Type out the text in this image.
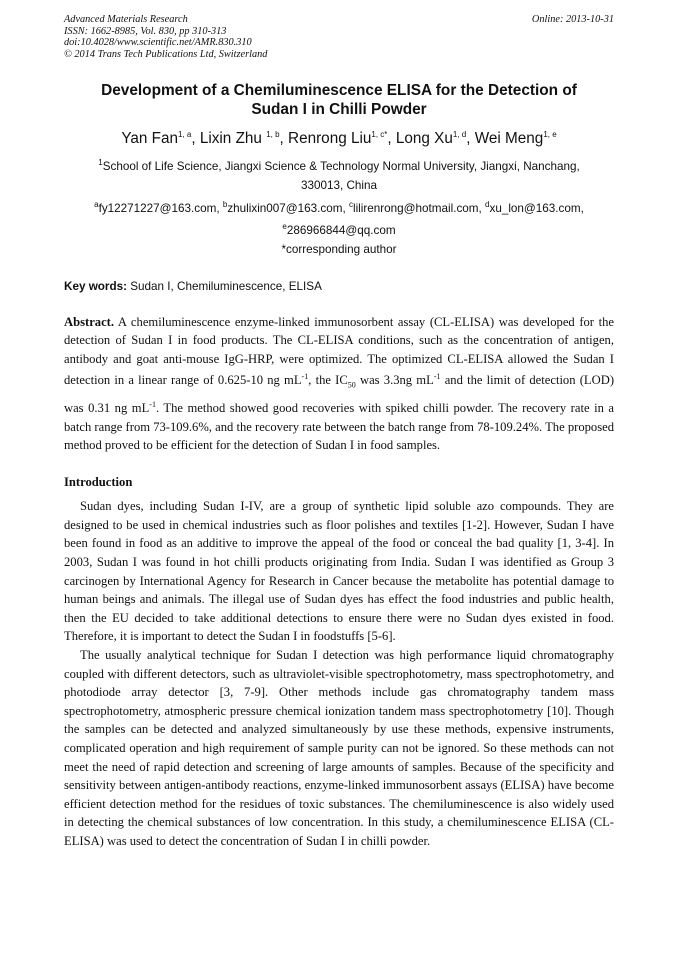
Advanced Materials Research
ISSN: 1662-8985, Vol. 830, pp 310-313
doi:10.4028/www.scientific.net/AMR.830.310
© 2014 Trans Tech Publications Ltd, Switzerland
Online: 2013-10-31
Development of a Chemiluminescence ELISA for the Detection of
Sudan I in Chilli Powder
Yan Fan$^{1, a}$, Lixin Zhu $^{1, b}$, Renrong Liu$^{1, c*}$, Long Xu$^{1, d}$, Wei Meng$^{1, e}$
$^1$School of Life Science, Jiangxi Science & Technology Normal University, Jiangxi, Nanchang,
330013, China
$^a$fy12271227@163.com, $^b$zhulixin007@163.com, $^c$lilirenrong@hotmail.com, $^d$xu_lon@163.com,
$^e$286966844@qq.com
*corresponding author
Key words: Sudan I, Chemiluminescence, ELISA
Abstract. A chemiluminescence enzyme-linked immunosorbent assay (CL-ELISA) was developed for the detection of Sudan I in food products. The CL-ELISA conditions, such as the concentration of antigen, antibody and goat anti-mouse IgG-HRP, were optimized. The optimized CL-ELISA allowed the Sudan I detection in a linear range of 0.625-10 ng $mL^{-1}$, the $IC_{50}$ was 3.3ng $mL^{-1}$ and the limit of detection (LOD) was 0.31 ng $mL^{-1}$. The method showed good recoveries with spiked chilli powder. The recovery rate in a batch range from 73-109.6%, and the recovery rate between the batch range from 78-109.24%. The proposed method proved to be efficient for the detection of Sudan I in food samples.
Introduction
Sudan dyes, including Sudan I-IV, are a group of synthetic lipid soluble azo compounds. They are designed to be used in chemical industries such as floor polishes and textiles [1-2]. However, Sudan I have been found in food as an additive to improve the appeal of the food or conceal the bad quality [1, 3-4]. In 2003, Sudan I was found in hot chilli products originating from India. Sudan I was identified as Group 3 carcinogen by International Agency for Research in Cancer because the metabolite has potential damage to human beings and animals. The illegal use of Sudan dyes has effect the food industries and public health, then the EU decided to take additional detections to ensure there were no Sudan dyes existed in food. Therefore, it is important to detect the Sudan I in foodstuffs [5-6].
The usually analytical technique for Sudan I detection was high performance liquid chromatography coupled with different detectors, such as ultraviolet-visible spectrophotometry, mass spectrophotometry, and photodiode array detector [3, 7-9]. Other methods include gas chromatography tandem mass spectrophotometry, atmospheric pressure chemical ionization tandem mass spectrophotometry [10]. Though the samples can be detected and analyzed simultaneously by use these methods, expensive instruments, complicated operation and high requirement of sample purity can not be ignored. So these methods can not meet the need of rapid detection and screening of large amounts of samples. Because of the specificity and sensitivity between antigen-antibody reactions, enzyme-linked immunosorbent assays (ELISA) have become efficient detection method for the residues of toxic substances. The chemiluminescence is also widely used in detecting the chemical substances of low concentration. In this study, a chemiluminescence ELISA (CL-ELISA) was used to detect the concentration of Sudan I in chilli powder.
